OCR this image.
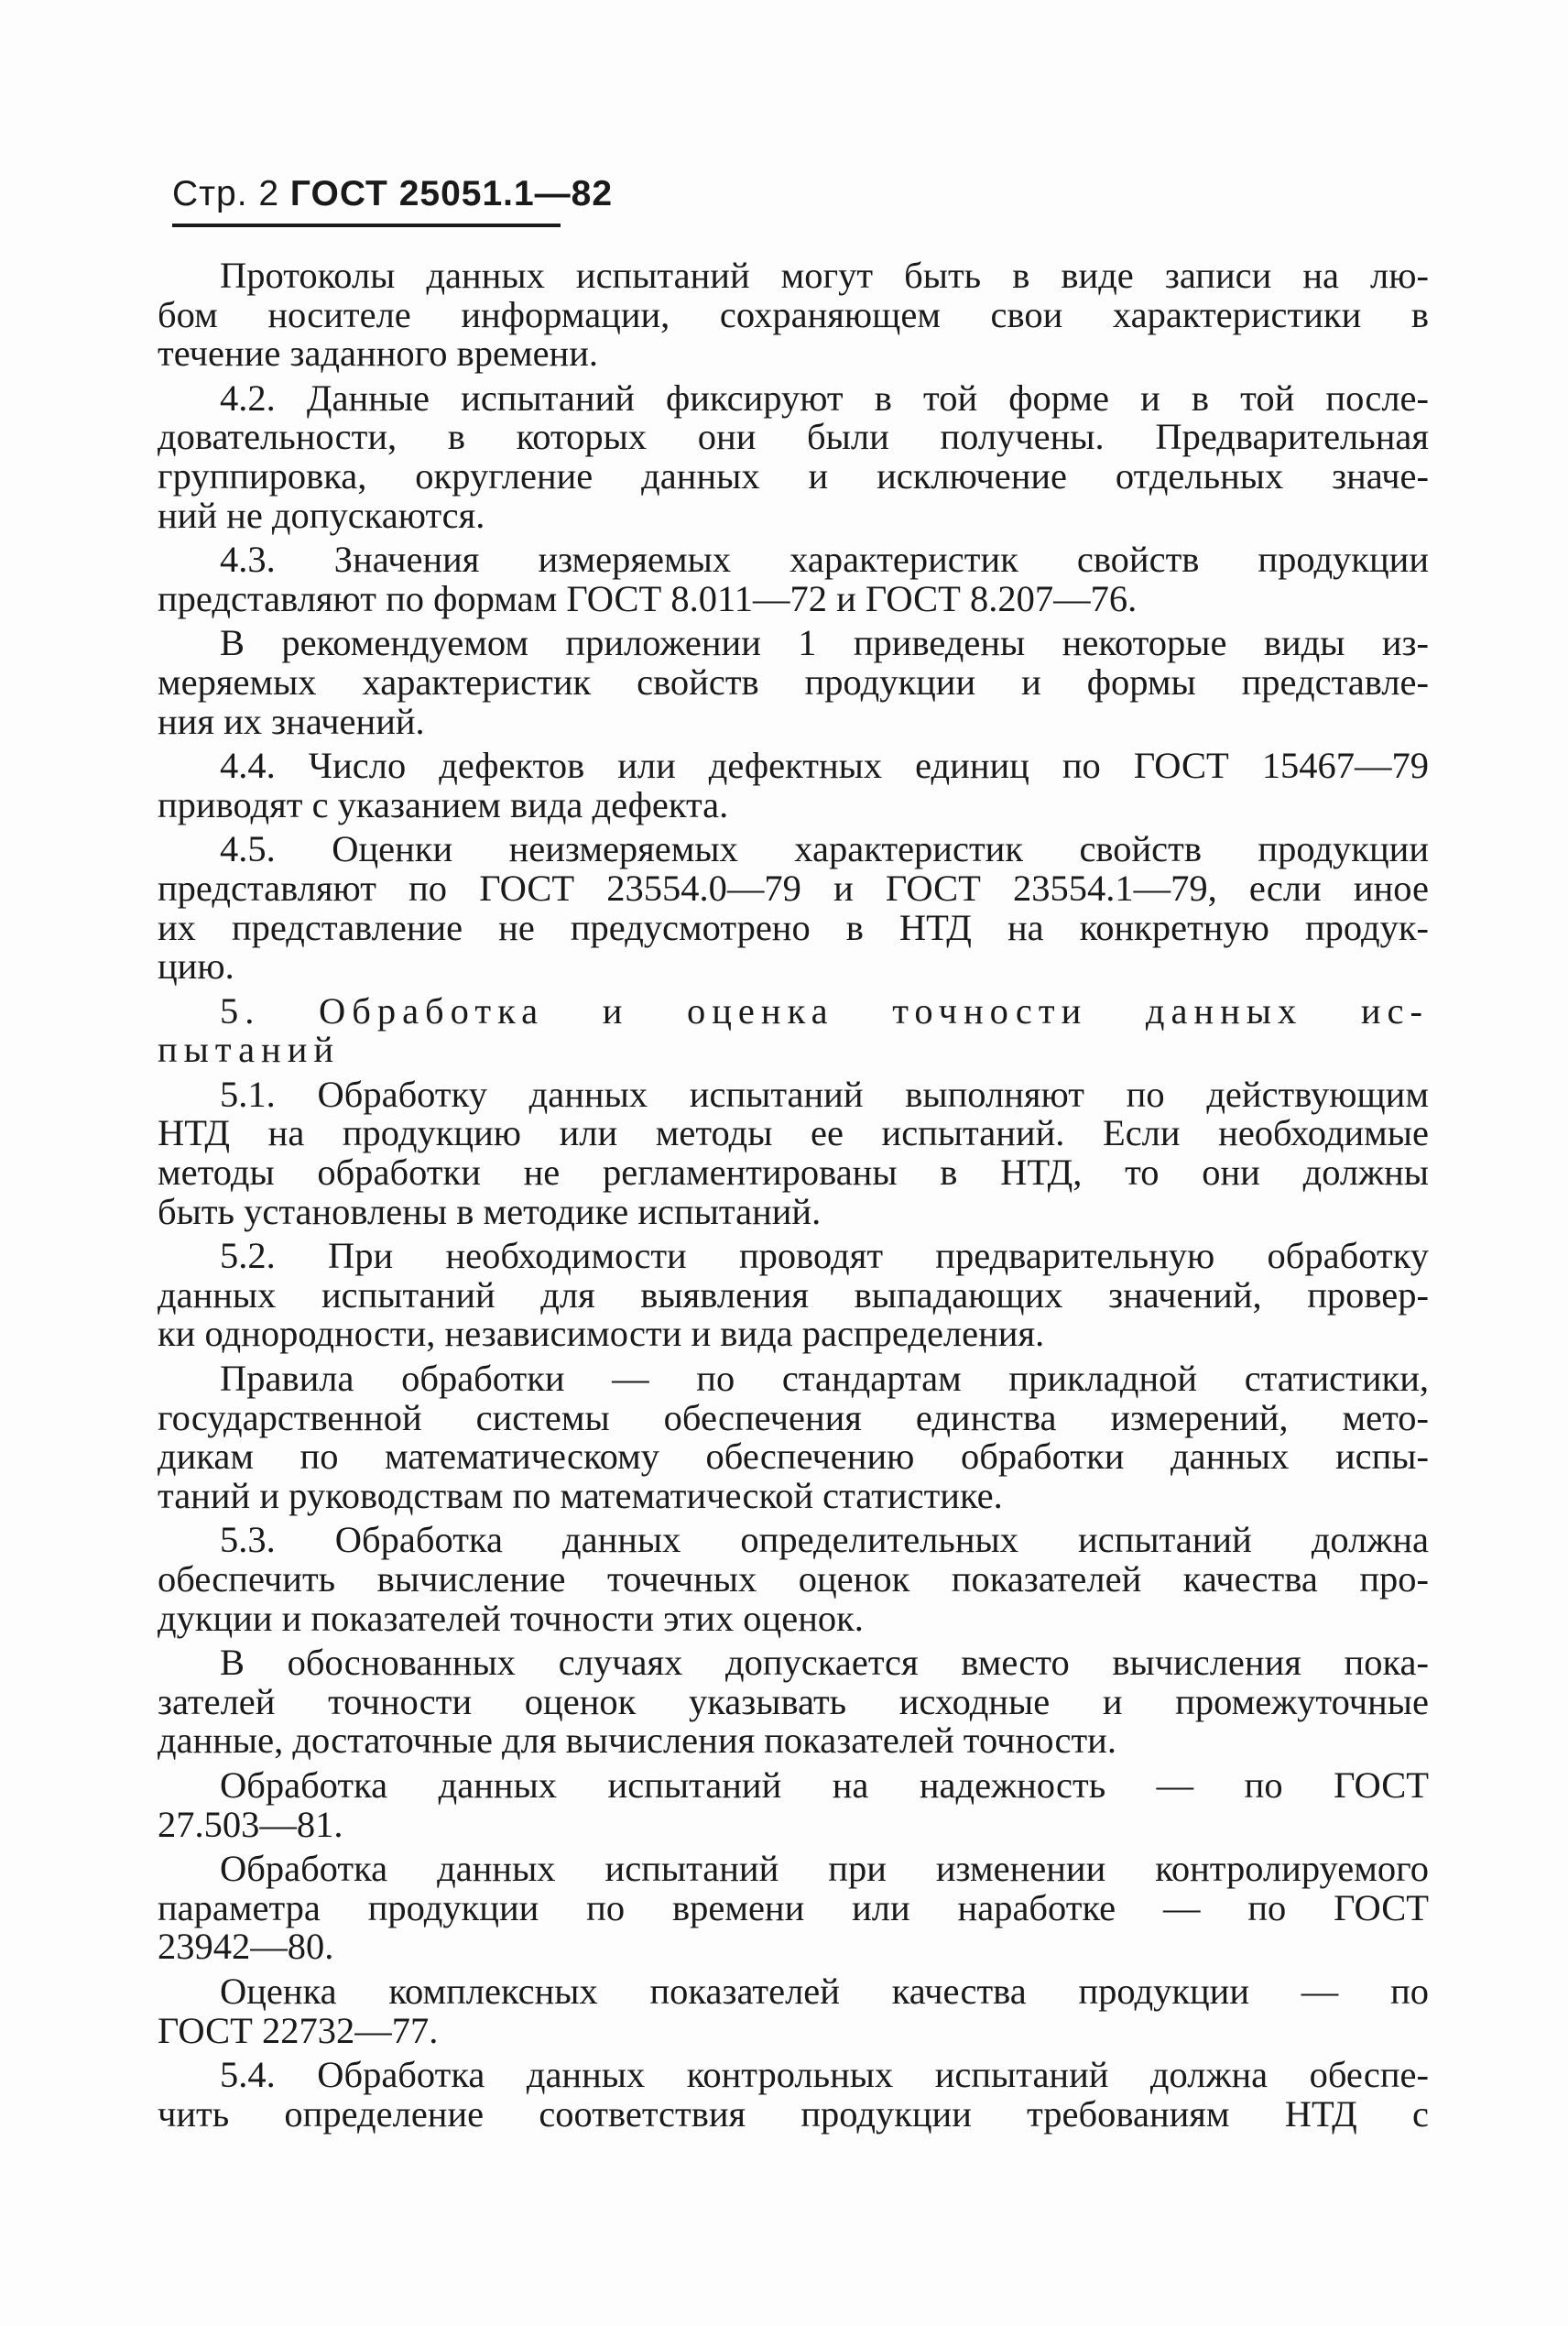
Стр. 2 ГОСТ 25051.1—82
Протоколы данных испытаний могут быть в виде записи на лю-
бом носителе информации, сохраняющем свои характеристики в
течение заданного времени.
4.2. Данные испытаний фиксируют в той форме и в той после-
довательности, в которых они были получены. Предварительная
группировка, округление данных и исключение отдельных значе-
ний не допускаются.
4.3. Значения измеряемых характеристик свойств продукции
представляют по формам ГОСТ 8.011—72 и ГОСТ 8.207—76.
В рекомендуемом приложении 1 приведены некоторые виды из-
меряемых характеристик свойств продукции и формы представле-
ния их значений.
4.4. Число дефектов или дефектных единиц по ГОСТ 15467—79
приводят с указанием вида дефекта.
4.5. Оценки неизмеряемых характеристик свойств продукции
представляют по ГОСТ 23554.0—79 и ГОСТ 23554.1—79, если иное
их представление не предусмотрено в НТД на конкретную продук-
цию.
5. Обработка и оценка точности данных ис-
пытаний
5.1. Обработку данных испытаний выполняют по действующим
НТД на продукцию или методы ее испытаний. Если необходимые
методы обработки не регламентированы в НТД, то они должны
быть установлены в методике испытаний.
5.2. При необходимости проводят предварительную обработку
данных испытаний для выявления выпадающих значений, провер-
ки однородности, независимости и вида распределения.
Правила обработки — по стандартам прикладной статистики,
государственной системы обеспечения единства измерений, мето-
дикам по математическому обеспечению обработки данных испы-
таний и руководствам по математической статистике.
5.3. Обработка данных определительных испытаний должна
обеспечить вычисление точечных оценок показателей качества про-
дукции и показателей точности этих оценок.
В обоснованных случаях допускается вместо вычисления пока-
зателей точности оценок указывать исходные и промежуточные
данные, достаточные для вычисления показателей точности.
Обработка данных испытаний на надежность — по ГОСТ
27.503—81.
Обработка данных испытаний при изменении контролируемого
параметра продукции по времени или наработке — по ГОСТ
23942—80.
Оценка комплексных показателей качества продукции — по
ГОСТ 22732—77.
5.4. Обработка данных контрольных испытаний должна обеспе-
чить определение соответствия продукции требованиям НТД с
